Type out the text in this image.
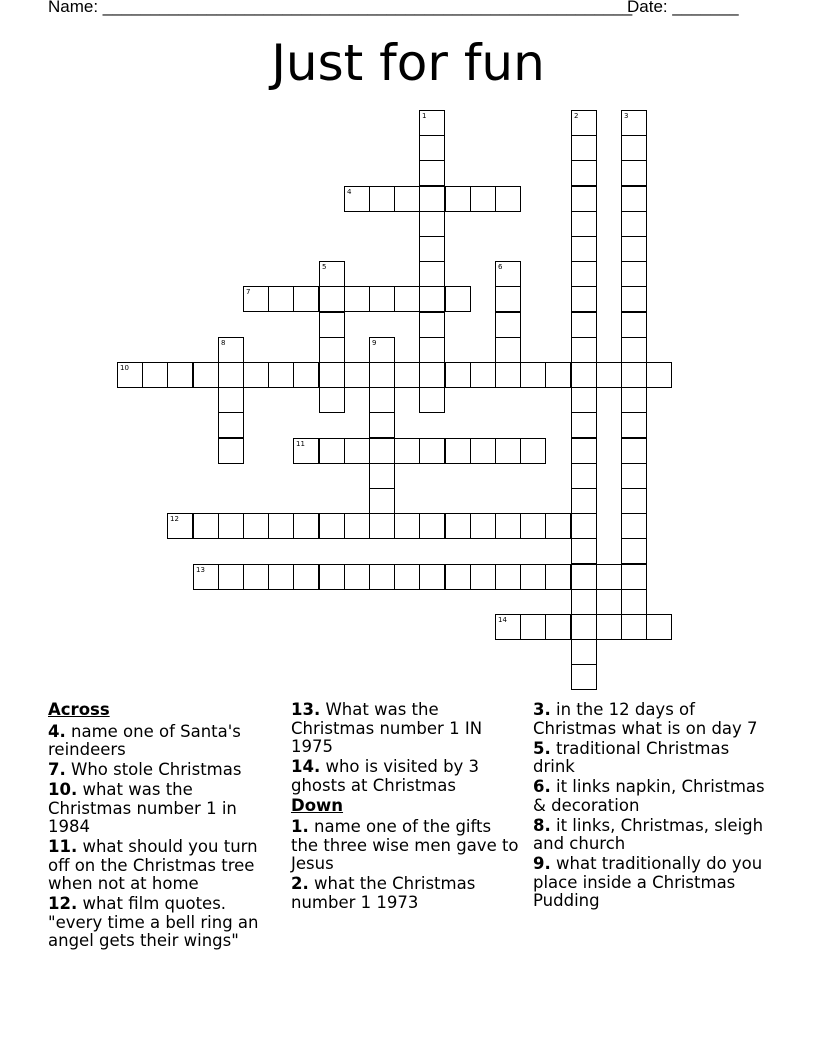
Name: ________________________________________________________
Date: _______
Just for fun
1	2	3
4
5	6
7
8	9
10
11
12
13
14
Across
4. name one of Santa's reindeers
7. Who stole Christmas
10. what was the Christmas number 1 in 1984
11. what should you turn off on the Christmas tree when not at home
12. what film quotes. "every time a bell ring an angel gets their wings"
13. What was the Christmas number 1 IN 1975
14. who is visited by 3 ghosts at Christmas
Down
1. name one of the gifts the three wise men gave to Jesus
2. what the Christmas number 1 1973
3. in the 12 days of Christmas what is on day 7
5. traditional Christmas drink
6. it links napkin, Christmas & decoration
8. it links, Christmas, sleigh and church
9. what traditionally do you place inside a Christmas Pudding
